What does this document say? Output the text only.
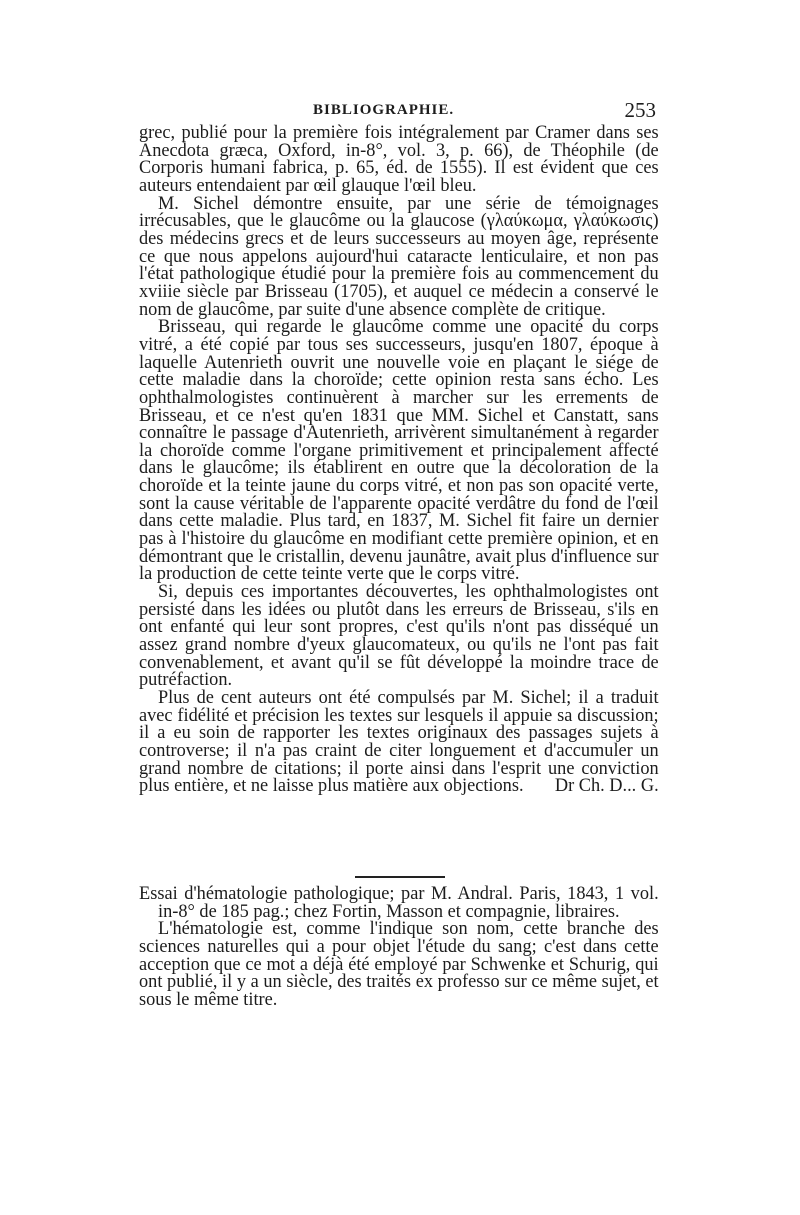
BIBLIOGRAPHIE.	253

grec, publié pour la première fois intégralement par Cramer dans ses Anecdota græca, Oxford, in-8°, vol. 3, p. 66), de Théophile (de Corporis humani fabrica, p. 65, éd. de 1555). Il est évident que ces auteurs entendaient par œil glauque l'œil bleu.

M. Sichel démontre ensuite, par une série de témoignages irrécusables, que le glaucôme ou la glaucose (γλαύκωμα, γλαύκωσις) des médecins grecs et de leurs successeurs au moyen âge, représente ce que nous appelons aujourd'hui cataracte lenticulaire, et non pas l'état pathologique étudié pour la première fois au commencement du xviiie siècle par Brisseau (1705), et auquel ce médecin a conservé le nom de glaucôme, par suite d'une absence complète de critique.

Brisseau, qui regarde le glaucôme comme une opacité du corps vitré, a été copié par tous ses successeurs, jusqu'en 1807, époque à laquelle Autenrieth ouvrit une nouvelle voie en plaçant le siége de cette maladie dans la choroïde; cette opinion resta sans écho. Les ophthalmologistes continuèrent à marcher sur les errements de Brisseau, et ce n'est qu'en 1831 que MM. Sichel et Canstatt, sans connaître le passage d'Autenrieth, arrivèrent simultanément à regarder la choroïde comme l'organe primitivement et principalement affecté dans le glaucôme; ils établirent en outre que la décoloration de la choroïde et la teinte jaune du corps vitré, et non pas son opacité verte, sont la cause véritable de l'apparente opacité verdâtre du fond de l'œil dans cette maladie. Plus tard, en 1837, M. Sichel fit faire un dernier pas à l'histoire du glaucôme en modifiant cette première opinion, et en démontrant que le cristallin, devenu jaunâtre, avait plus d'influence sur la production de cette teinte verte que le corps vitré.

Si, depuis ces importantes découvertes, les ophthalmologistes ont persisté dans les idées ou plutôt dans les erreurs de Brisseau, s'ils en ont enfanté qui leur sont propres, c'est qu'ils n'ont pas disséqué un assez grand nombre d'yeux glaucomateux, ou qu'ils ne l'ont pas fait convenablement, et avant qu'il se fût développé la moindre trace de putréfaction.

Plus de cent auteurs ont été compulsés par M. Sichel; il a traduit avec fidélité et précision les textes sur lesquels il appuie sa discussion; il a eu soin de rapporter les textes originaux des passages sujets à controverse; il n'a pas craint de citer longuement et d'accumuler un grand nombre de citations; il porte ainsi dans l'esprit une conviction plus entière, et ne laisse plus matière aux objections.	Dr Ch. D... G.

Essai d'hématologie pathologique; par M. Andral. Paris, 1843, 1 vol. in-8° de 185 pag.; chez Fortin, Masson et compagnie, libraires.

L'hématologie est, comme l'indique son nom, cette branche des sciences naturelles qui a pour objet l'étude du sang; c'est dans cette acception que ce mot a déjà été employé par Schwenke et Schurig, qui ont publié, il y a un siècle, des traités ex professo sur ce même sujet, et sous le même titre.
